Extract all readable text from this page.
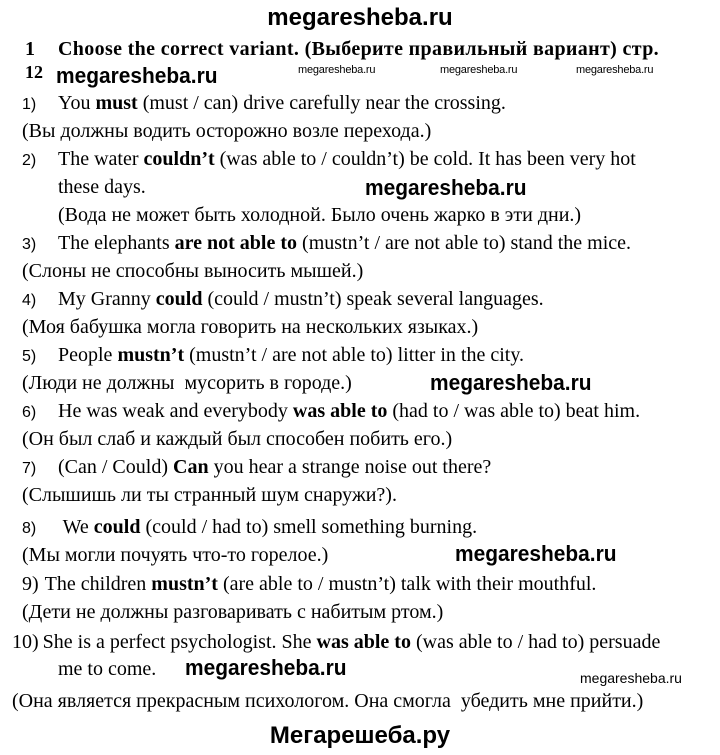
megaresheba.ru
1 Choose the correct variant. (Выберите правильный вариант) стр.
12 megaresheba.ru	megaresheba.ru	megaresheba.ru	megaresheba.ru
megaresheba.ru
megaresheba.ru
megaresheba.ru
megaresheba.ru	megaresheba.ru
1) You must (must / can) drive carefully near the crossing.
(Вы должны водить осторожно возле перехода.)
2) The water couldn’t (was able to / couldn’t) be cold. It has been very hot
these days.
(Вода не может быть холодной. Было очень жарко в эти дни.)
3) The elephants are not able to (mustn’t / are not able to) stand the mice.
(Слоны не способны выносить мышей.)
4) My Granny could (could / mustn’t) speak several languages.
(Моя бабушка могла говорить на нескольких языках.)
5) People mustn’t (mustn’t / are not able to) litter in the city.
(Люди не должны  мусорить в городе.)
6) He was weak and everybody was able to (had to / was able to) beat him.
(Он был слаб и каждый был способен побить его.)
7) (Can / Could) Can you hear a strange noise out there?
(Слышишь ли ты странный шум снаружи?).
8) We could (could / had to) smell something burning.
(Мы могли почуять что-то горелое.)
9) The children mustn’t (are able to / mustn’t) talk with their mouthful.
(Дети не должны разговаривать с набитым ртом.)
10) She is a perfect psychologist. She was able to (was able to / had to) persuade
me to come.
(Она является прекрасным психологом. Она смогла  убедить мне прийти.)
Мегарешеба.ру
